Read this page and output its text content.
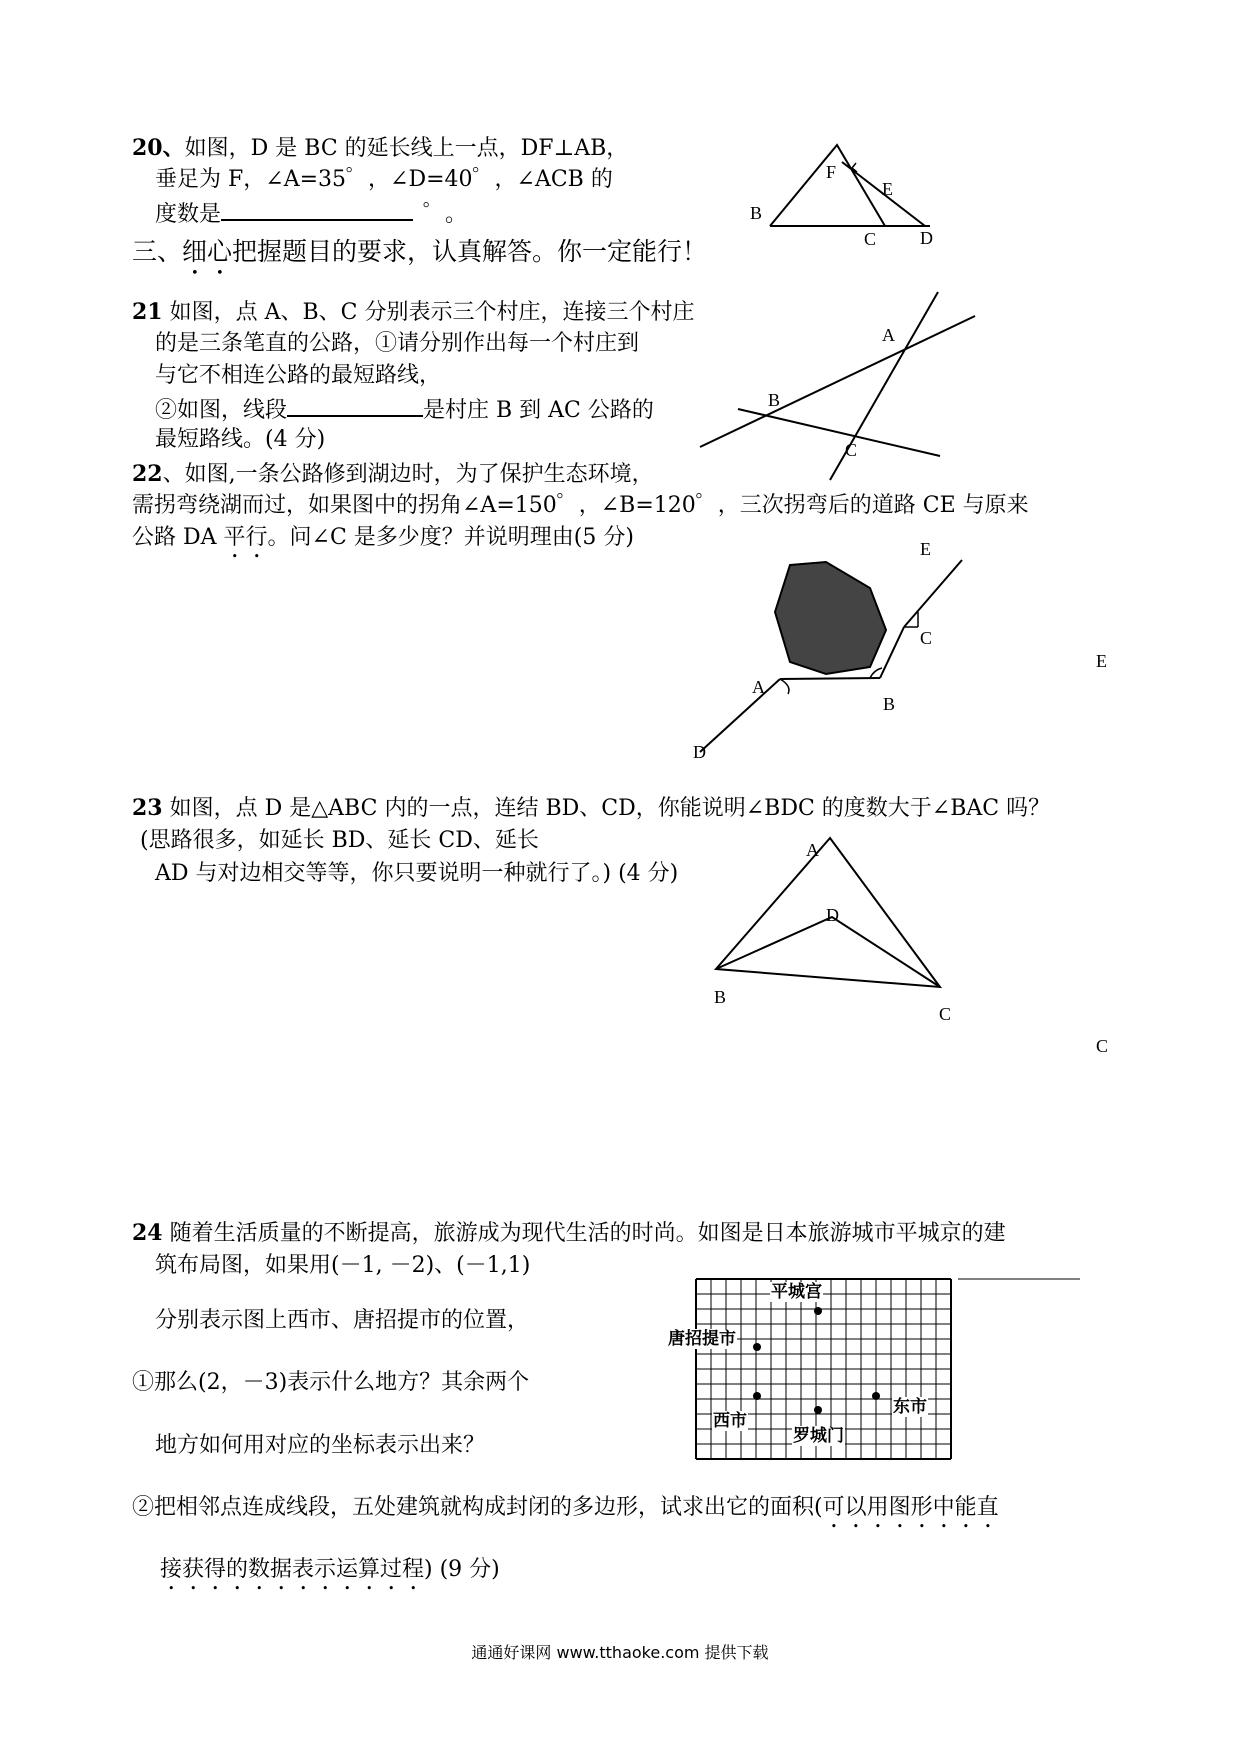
20、如图，D 是 BC 的延长线上一点，DF⊥AB，
垂足为 F，∠A=35゜，∠D=40゜，∠ACB 的
度数是	゜。
三、细心把握题目的要求，认真解答。你一定能行！
21 如图，点 A、B、C 分别表示三个村庄，连接三个村庄
的是三条笔直的公路，①请分别作出每一个村庄到
与它不相连公路的最短路线，
②如图，线段	是村庄 B 到 AC 公路的
最短路线。(4 分)
22、如图,一条公路修到湖边时，为了保护生态环境，
需拐弯绕湖而过，如果图中的拐角∠A=150゜，∠B=120゜，三次拐弯后的道路 CE 与原来
公路 DA 平行。问∠C 是多少度？并说明理由(5 分)
23 如图，点 D 是△ABC 内的一点，连结 BD、CD，你能说明∠BDC 的度数大于∠BAC 吗？
(思路很多，如延长 BD、延长 CD、延长
AD 与对边相交等等，你只要说明一种就行了。) (4 分)
24 随着生活质量的不断提高，旅游成为现代生活的时尚。如图是日本旅游城市平城京的建
筑布局图，如果用(－1, －2)、(－1,1)
分别表示图上西市、唐招提市的位置，
①那么(2，－3)表示什么地方？其余两个
地方如何用对应的坐标表示出来？
②把相邻点连成线段，五处建筑就构成封闭的多边形，试求出它的面积(可以用图形中能直
接获得的数据表示运算过程) (9 分)
B
F
E
C D
A
B
C
E
C
A
B
D
E
A
D
B
C
C
平城宫
唐招提市
西市
东市
罗城门
通通好课网 www.tthaoke.com 提供下载
